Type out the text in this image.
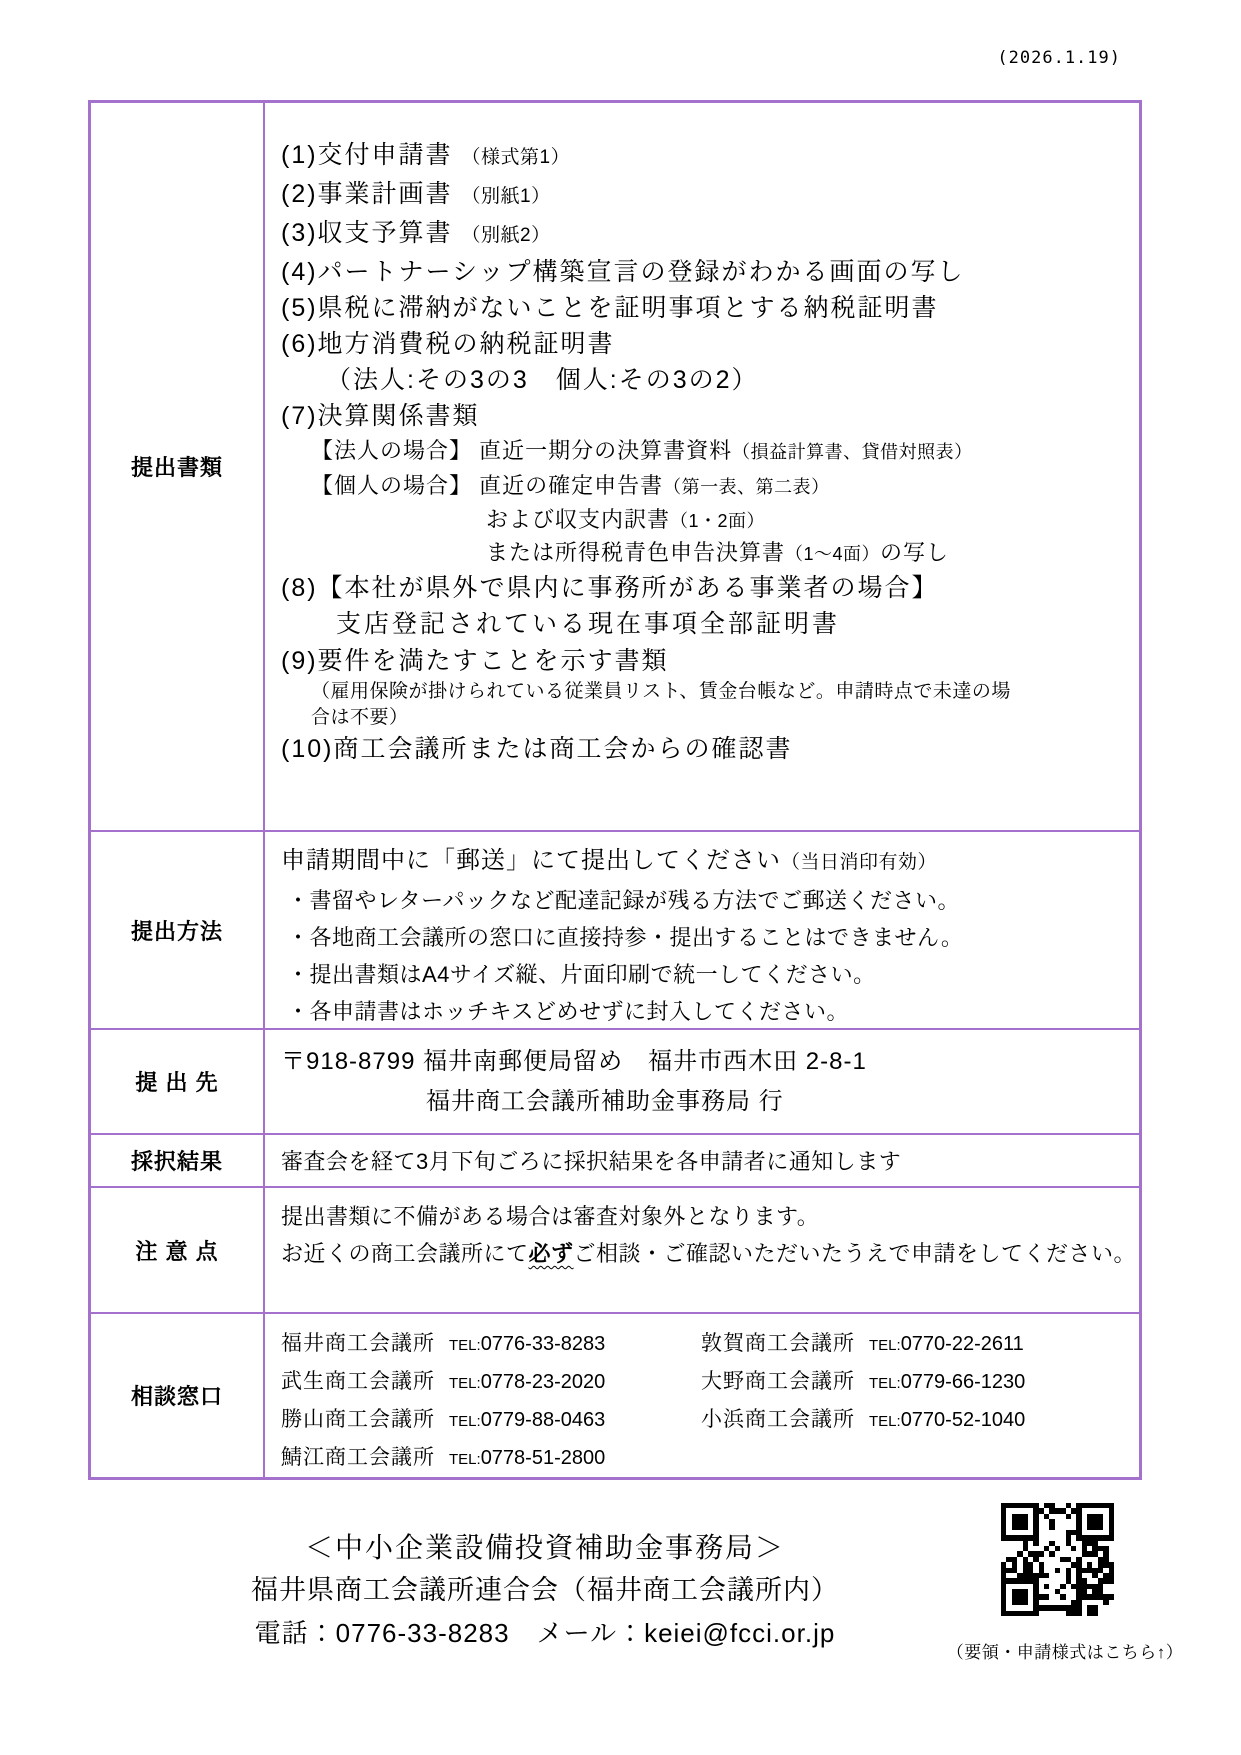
(2026.1.19)
提出書類
(1)交付申請書 （様式第1）
(2)事業計画書 （別紙1）
(3)収支予算書 （別紙2）
(4)パートナーシップ構築宣言の登録がわかる画面の写し
(5)県税に滞納がないことを証明事項とする納税証明書
(6)地方消費税の納税証明書
（法人:その3の3　個人:その3の2）
(7)決算関係書類
【法人の場合】 直近一期分の決算書資料（損益計算書、貸借対照表）
【個人の場合】 直近の確定申告書（第一表、第二表）
および収支内訳書（1・2面）
または所得税青色申告決算書（1～4面）の写し
(8)【本社が県外で県内に事務所がある事業者の場合】
支店登記されている現在事項全部証明書
(9)要件を満たすことを示す書類
（雇用保険が掛けられている従業員リスト、賃金台帳など。申請時点で未達の場合は不要）
(10)商工会議所または商工会からの確認書
提出方法
申請期間中に「郵送」にて提出してください（当日消印有効）
・書留やレターパックなど配達記録が残る方法でご郵送ください。
・各地商工会議所の窓口に直接持参・提出することはできません。
・提出書類はA4サイズ縦、片面印刷で統一してください。
・各申請書はホッチキスどめせずに封入してください。
提 出 先
〒918-8799 福井南郵便局留め　福井市西木田 2-8-1
福井商工会議所補助金事務局 行
採択結果	審査会を経て3月下旬ごろに採択結果を各申請者に通知します
注 意 点
提出書類に不備がある場合は審査対象外となります。
お近くの商工会議所にて必ずご相談・ご確認いただいたうえで申請をしてください。
相談窓口
福井商工会議所 TEL:0776-33-8283
武生商工会議所 TEL:0778-23-2020
勝山商工会議所 TEL:0779-88-0463
鯖江商工会議所 TEL:0778-51-2800
敦賀商工会議所 TEL:0770-22-2611
大野商工会議所 TEL:0779-66-1230
小浜商工会議所 TEL:0770-52-1040
＜中小企業設備投資補助金事務局＞
福井県商工会議所連合会（福井商工会議所内）
電話：0776-33-8283　メール：keiei@fcci.or.jp
（要領・申請様式はこちら↑）
